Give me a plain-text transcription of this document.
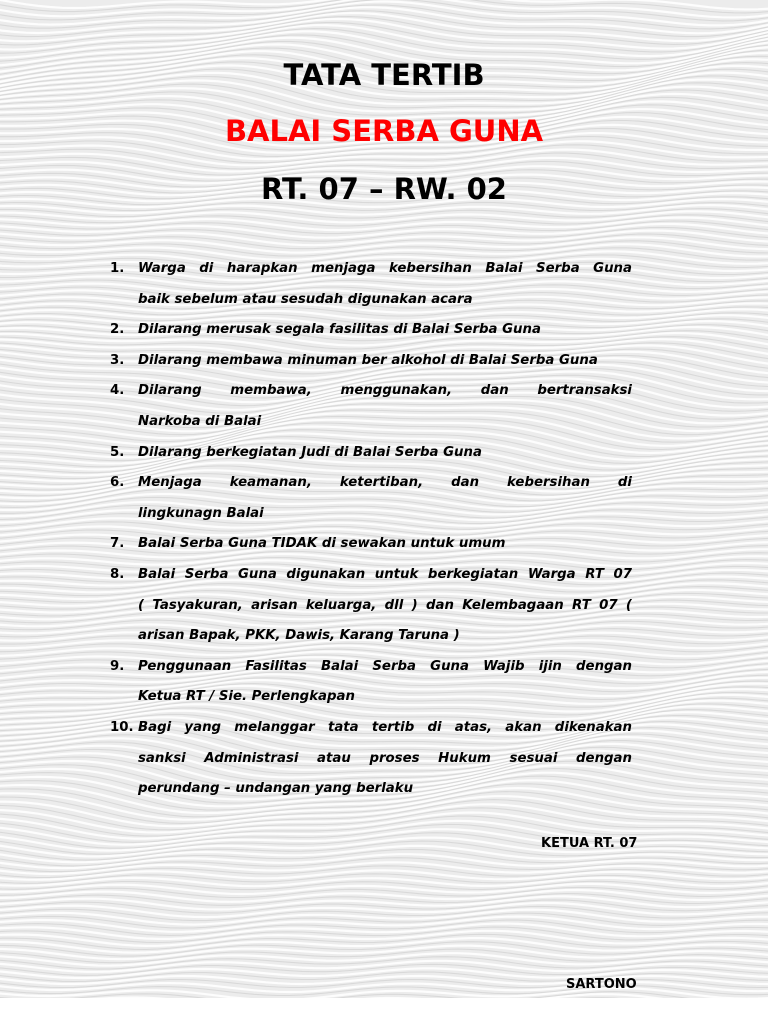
TATA TERTIB
BALAI SERBA GUNA
RT. 07 – RW. 02
1. Warga di harapkan menjaga kebersihan Balai Serba Guna
baik sebelum atau sesudah digunakan acara
2. Dilarang merusak segala fasilitas di Balai Serba Guna
3. Dilarang membawa minuman ber alkohol di Balai Serba Guna
4. Dilarang membawa, menggunakan, dan bertransaksi
Narkoba di Balai
5. Dilarang berkegiatan Judi di Balai Serba Guna
6. Menjaga keamanan, ketertiban, dan kebersihan di
lingkunagn Balai
7. Balai Serba Guna TIDAK di sewakan untuk umum
8. Balai Serba Guna digunakan untuk berkegiatan Warga RT 07
( Tasyakuran, arisan keluarga, dll ) dan Kelembagaan RT 07 (
arisan Bapak, PKK, Dawis, Karang Taruna )
9. Penggunaan Fasilitas Balai Serba Guna Wajib ijin dengan
Ketua RT / Sie. Perlengkapan
10. Bagi yang melanggar tata tertib di atas, akan dikenakan
sanksi Administrasi atau proses Hukum sesuai dengan
perundang – undangan yang berlaku
KETUA RT. 07
SARTONO
